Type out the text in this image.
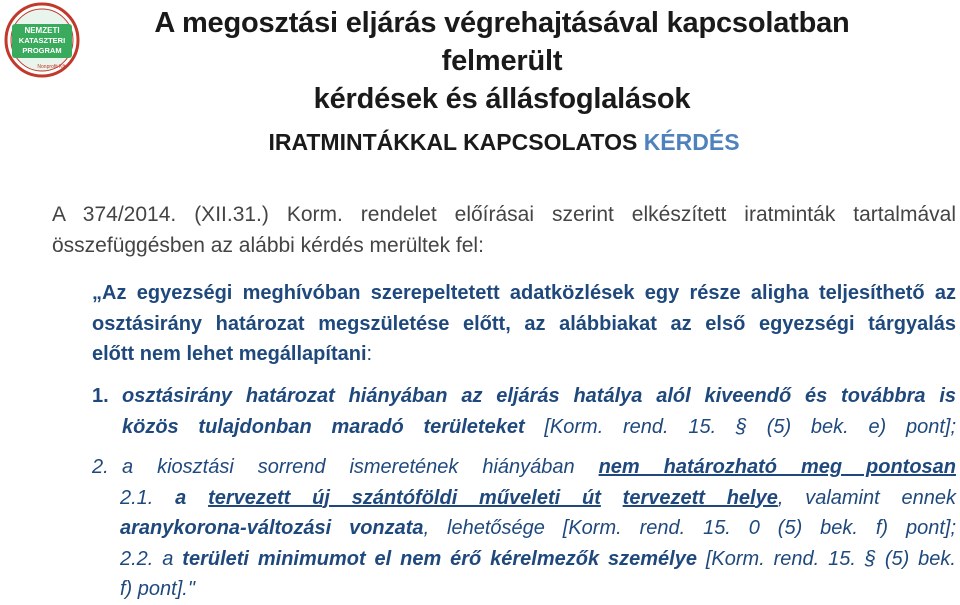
NEMZETI
KATASZTERI
PROGRAM
Nonprofit Kft.
A megosztási eljárás végrehajtásával kapcsolatban felmerült
kérdések és állásfoglalások
IRATMINTÁKKAL KAPCSOLATOS KÉRDÉS
A 374/2014. (XII.31.) Korm. rendelet előírásai szerint elkészített iratminták tartalmával
összefüggésben az alábbi kérdés merültek fel:
„Az egyezségi meghívóban szerepeltetett adatközlések egy része aligha teljesíthető az
osztásirány határozat megszületése előtt, az alábbiakat az első egyezségi tárgyalás
előtt nem lehet megállapítani:
1. osztásirány határozat hiányában az eljárás hatálya alól kiveendő és továbbra is
közös tulajdonban maradó területeket [Korm. rend. 15. § (5) bek. e) pont];
2. a kiosztási sorrend ismeretének hiányában nem határozható meg pontosan
2.1. a tervezett új szántóföldi műveleti út tervezett helye, valamint ennek
aranykorona-változási vonzata, lehetősége [Korm. rend. 15. 0 (5) bek. f) pont];
2.2. a területi minimumot el nem érő kérelmezők személye [Korm. rend. 15. § (5) bek.
f) pont]."
